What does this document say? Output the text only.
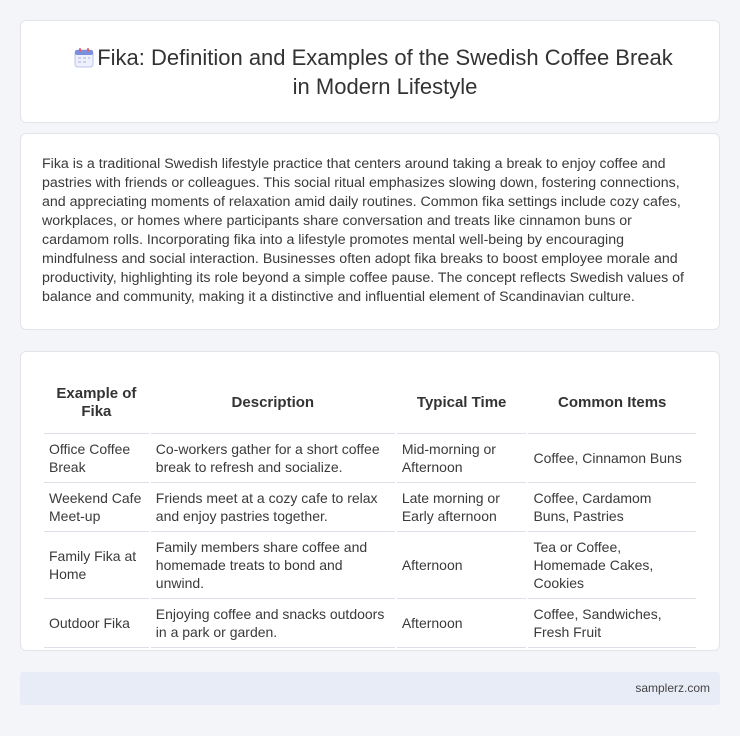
Fika: Definition and Examples of the Swedish Coffee Break in Modern Lifestyle

Fika is a traditional Swedish lifestyle practice that centers around taking a break to enjoy coffee and pastries with friends or colleagues. This social ritual emphasizes slowing down, fostering connections, and appreciating moments of relaxation amid daily routines. Common fika settings include cozy cafes, workplaces, or homes where participants share conversation and treats like cinnamon buns or cardamom rolls. Incorporating fika into a lifestyle promotes mental well-being by encouraging mindfulness and social interaction. Businesses often adopt fika breaks to boost employee morale and productivity, highlighting its role beyond a simple coffee pause. The concept reflects Swedish values of balance and community, making it a distinctive and influential element of Scandinavian culture.

Example of Fika	Description	Typical Time	Common Items
Office Coffee Break	Co-workers gather for a short coffee break to refresh and socialize.	Mid-morning or Afternoon	Coffee, Cinnamon Buns
Weekend Cafe Meet-up	Friends meet at a cozy cafe to relax and enjoy pastries together.	Late morning or Early afternoon	Coffee, Cardamom Buns, Pastries
Family Fika at Home	Family members share coffee and homemade treats to bond and unwind.	Afternoon	Tea or Coffee, Homemade Cakes, Cookies
Outdoor Fika	Enjoying coffee and snacks outdoors in a park or garden.	Afternoon	Coffee, Sandwiches, Fresh Fruit
samplerz.com
